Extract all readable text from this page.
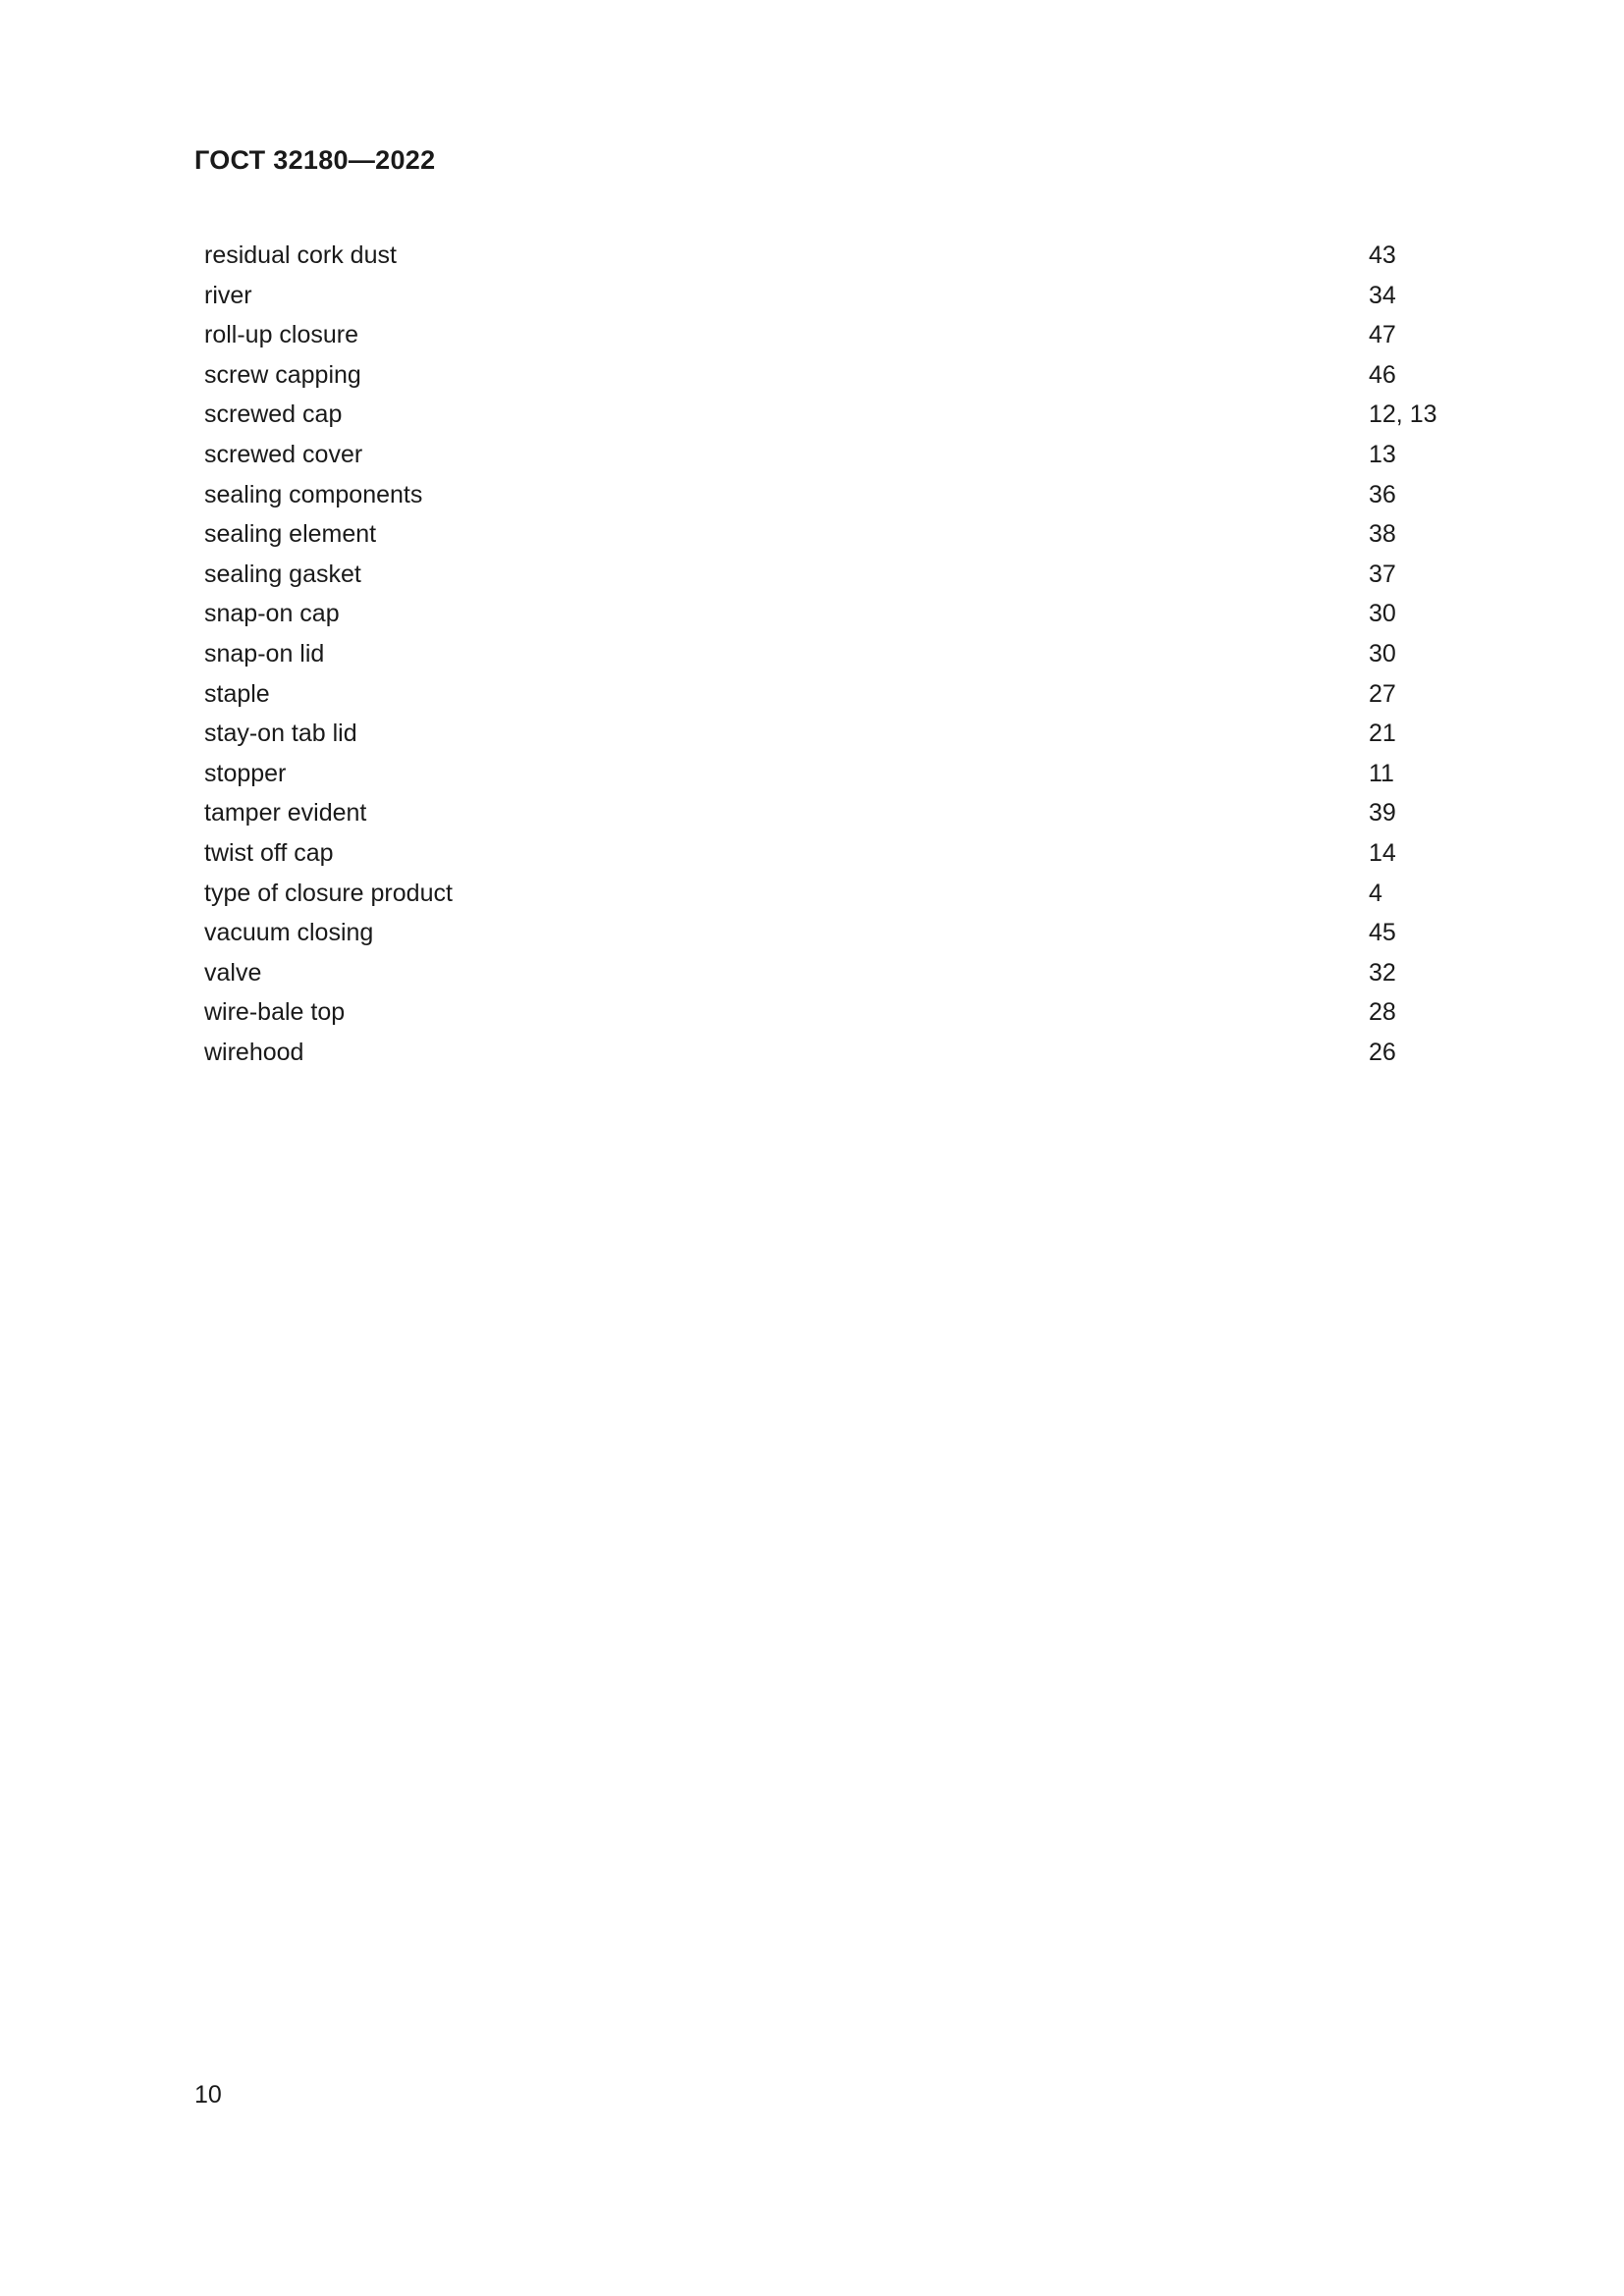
ГОСТ 32180—2022
residual cork dust	43
river	34
roll-up closure	47
screw capping	46
screwed cap	12, 13
screwed cover	13
sealing components	36
sealing element	38
sealing gasket	37
snap-on cap	30
snap-on lid	30
staple	27
stay-on tab lid	21
stopper	11
tamper evident	39
twist off cap	14
type of closure product	4
vacuum closing	45
valve	32
wire-bale top	28
wirehood	26

10
